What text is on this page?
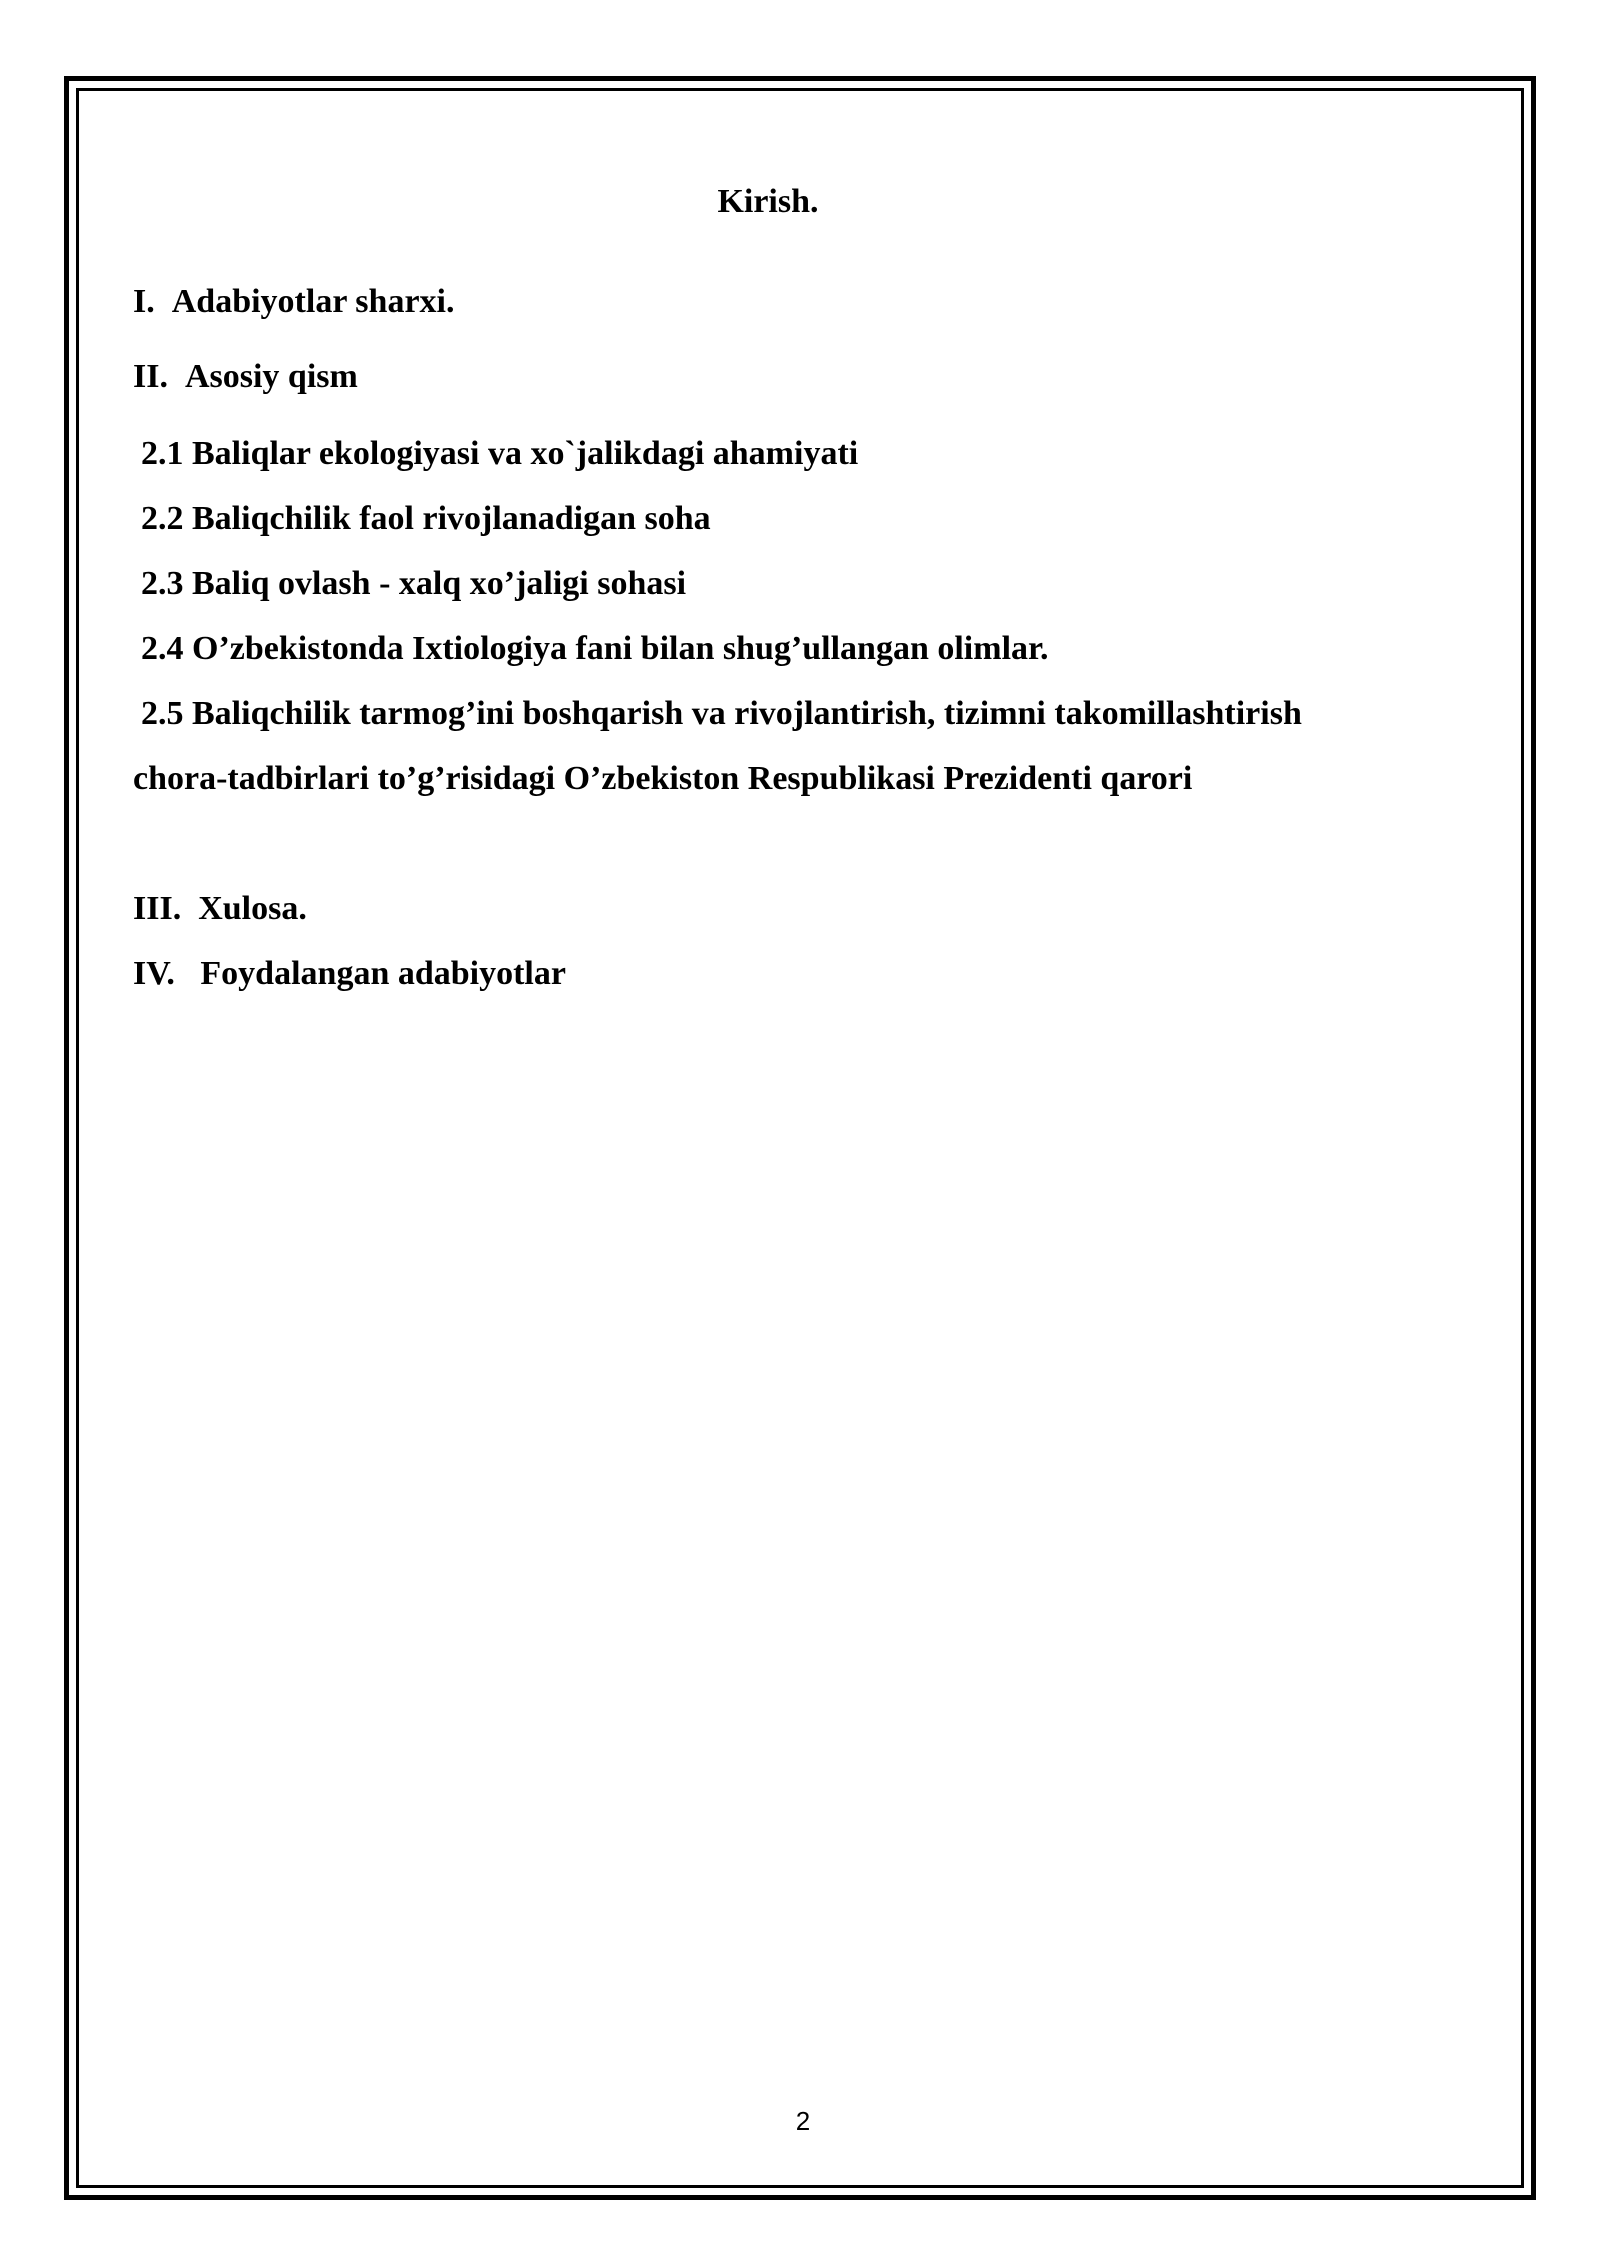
Kirish.
I. Adabiyotlar sharxi.
II. Asosiy qism
2.1 Baliqlar ekologiyasi va xo`jalikdagi ahamiyati
2.2 Baliqchilik faol rivojlanadigan soha
2.3 Baliq ovlash - xalq xo’jaligi sohasi
2.4 O’zbekistonda Ixtiologiya fani bilan shug’ullangan olimlar.
2.5 Baliqchilik tarmog’ini boshqarish va rivojlantirish, tizimni takomillashtirish
chora-tadbirlari to’g’risidagi O’zbekiston Respublikasi Prezidenti qarori
III. Xulosa.
IV. Foydalangan adabiyotlar
2
